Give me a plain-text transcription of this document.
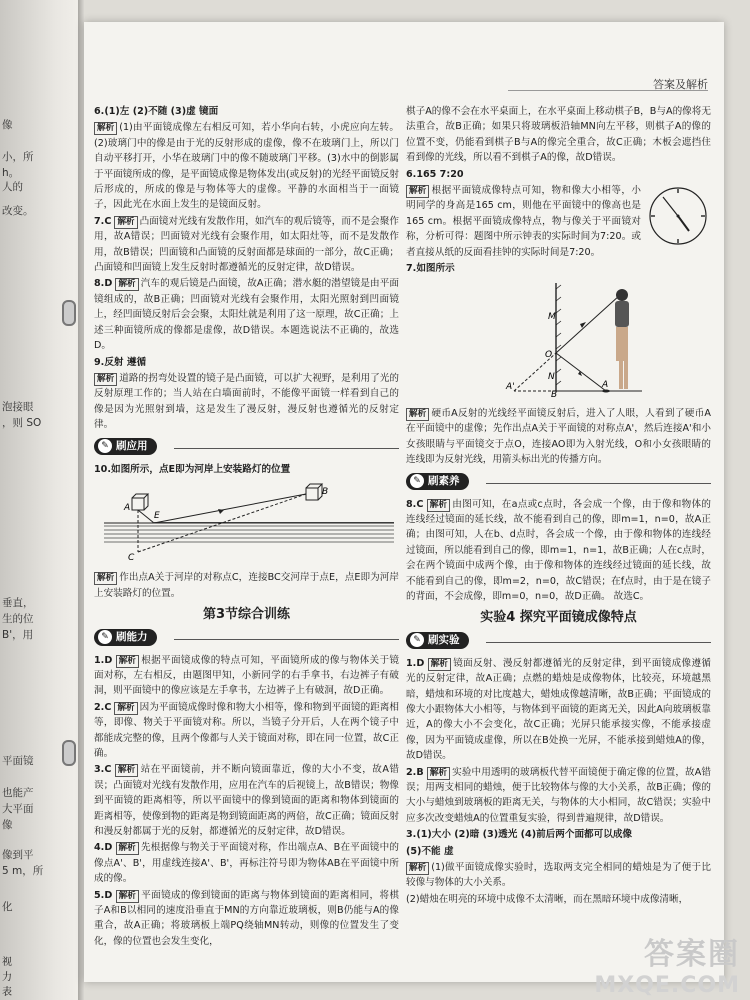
像
小，所
h。
人的
改变。
泡接眼
，则 SO
垂直，
生的位
B'，用
平面镜
也能产
大平面
像
像到平
5 m，所
化
视
力
表
答案及解析

6.(1)左 (2)不随 (3)虚 镜面

解析 (1)由平面镜成像左右相反可知，若小华向右转，小虎应向左转。(2)玻璃门中的像是由于光的反射形成的虚像，像不在玻璃门上，所以门自动平移打开，小华在玻璃门中的像不随玻璃门平移。(3)水中的倒影属于平面镜所成的像，是平面镜成像是物体发出(或反射)的光经平面镜反射后形成的，所成的像是与物体等大的虚像。平静的水面相当于一面镜子，因此光在水面上发生的是镜面反射。

7.C 解析 凸面镜对光线有发散作用，如汽车的观后镜等，而不是会聚作用，故A错误；凹面镜对光线有会聚作用，如太阳灶等，而不是发散作用，故B错误；凹面镜和凸面镜的反射面都是球面的一部分，故C正确；凸面镜和凹面镜上发生反射时都遵循光的反射定律，故D错误。

8.D 解析 汽车的观后镜是凸面镜，故A正确；潜水艇的潜望镜是由平面镜组成的，故B正确；凹面镜对光线有会聚作用，太阳光照射到凹面镜上，经凹面镜反射后会会聚，太阳灶就是利用了这一原理，故C正确；上述三种面镜所成的像都是虚像，故D错误。本题选说法不正确的，故选D。

9.反射 遵循

解析 道路的拐弯处设置的镜子是凸面镜，可以扩大视野，是利用了光的反射原理工作的；当人站在白墙面前时，不能像平面镜一样看到自己的像是因为光照射到墙，这是发生了漫反射，漫反射也遵循光的反射定律。

✎ 刷应用

10.如图所示，点E即为河岸上安装路灯的位置

A
B
E
C

解析 作出点A关于河岸的对称点C，连接BC交河岸于点E，点E即为河岸上安装路灯的位置。

第3节综合训练
✎ 刷能力

1.D 解析 根据平面镜成像的特点可知，平面镜所成的像与物体关于镜面对称，左右相反，由题图甲知，小新同学的右手拿书，右边裤子有破洞，则平面镜中的像应该是左手拿书，左边裤子上有破洞，故D正确。

2.C 解析 因为平面镜成像时像和物大小相等，像和物到平面镜的距离相等，即像、物关于平面镜对称。所以，当镜子分开后，人在两个镜子中都能成完整的像，且两个像都与人关于镜面对称，即在同一位置，故C正确。

3.C 解析 站在平面镜前，并不断向镜面靠近，像的大小不变，故A错误；凸面镜对光线有发散作用，应用在汽车的后视镜上，故B错误；物像到平面镜的距离相等，所以平面镜中的像到镜面的距离和物体到镜面的距离相等，使像到物的距离是物到镜面距离的两倍，故C正确；镜面反射和漫反射都属于光的反射，都遵循光的反射定律，故D错误。

4.D 解析 先根据像与物关于平面镜对称，作出端点A、B在平面镜中的像点A'、B'，用虚线连接A'、B'，再标注符号即为物体AB在平面镜中所成的像。

5.D 解析 平面镜成的像到镜面的距离与物体到镜面的距离相同，将棋子A和B以相同的速度沿垂直于MN的方向靠近玻璃板，则B仍能与A的像重合，故A正确；将玻璃板上端PQ绕轴MN转动，则像的位置发生了变化，像的位置也会发生变化，

棋子A的像不会在水平桌面上，在水平桌面上移动棋子B，B与A的像将无法重合，故B正确；如果只将玻璃板沿轴MN向左平移，则棋子A的像的位置不变，仍能看到棋子B与A的像完全重合，故C正确；木板会遮挡住看到像的光线，所以看不到棋子A的像，故D错误。

6.165 7:20

解析 根据平面镜成像特点可知，物和像大小相等，小明同学的身高是165 cm，则他在平面镜中的像高也是165 cm。根据平面镜成像特点，物与像关于平面镜对称，分析可得：题图中所示钟表的实际时间为7:20。或者直接从纸的反面看挂钟的实际时间是7:20。

7.如图所示

M
N
O
A
A'
B

解析 硬币A反射的光线经平面镜反射后，进入了人眼，人看到了硬币A在平面镜中的虚像；先作出点A关于平面镜的对称点A'，然后连接A'和小女孩眼睛与平面镜交于点O，连接AO即为入射光线，O和小女孩眼睛的连线即为反射光线，用箭头标出光的传播方向。

✎ 刷素养

8.C 解析 由图可知，在a点或c点时，各会成一个像，由于像和物体的连线经过镜面的延长线，故不能看到自己的像，即m=1，n=0，故A正确；由图可知，人在b、d点时，各会成一个像，由于像和物体的连线经过镜面，所以能看到自己的像，即m=1，n=1，故B正确；人在c点时，会在两个镜面中成两个像，由于像和物体的连线经过镜面的延长线，故不能看到自己的像，即m=2，n=0，故C错误；在f点时，由于是在镜子的背面，不会成像，即m=0，n=0，故D正确。 故选C。

实验4 探究平面镜成像特点
✎ 刷实验

1.D 解析 镜面反射、漫反射都遵循光的反射定律，到平面镜成像遵循光的反射定律，故A正确；点燃的蜡烛是成像物体，比较亮，环境越黑暗，蜡烛和环境的对比度越大，蜡烛成像越清晰，故B正确；平面镜成的像大小跟物体大小相等，与物体到平面镜的距离无关，因此A向玻璃板靠近，A的像大小不会变化，故C正确；光屏只能承接实像，不能承接虚像，因为平面镜成虚像，所以在B处换一光屏，不能承接到蜡烛A的像，故D错误。

2.B 解析 实验中用透明的玻璃板代替平面镜便于确定像的位置，故A错误；用两支相同的蜡烛，便于比较物体与像的大小关系，故B正确；像的大小与蜡烛到玻璃板的距离无关，与物体的大小相同，故C错误；实验中应多次改变蜡烛A的位置重复实验，得到普遍规律，故D错误。

3.(1)大小 (2)暗 (3)透光 (4)前后两个面都可以成像

(5)不能 虚

解析 (1)做平面镜成像实验时，选取两支完全相同的蜡烛是为了便于比较像与物体的大小关系。

(2)蜡烛在明亮的环境中成像不太清晰，而在黑暗环境中成像清晰，

答案圈
MXQE.COM
